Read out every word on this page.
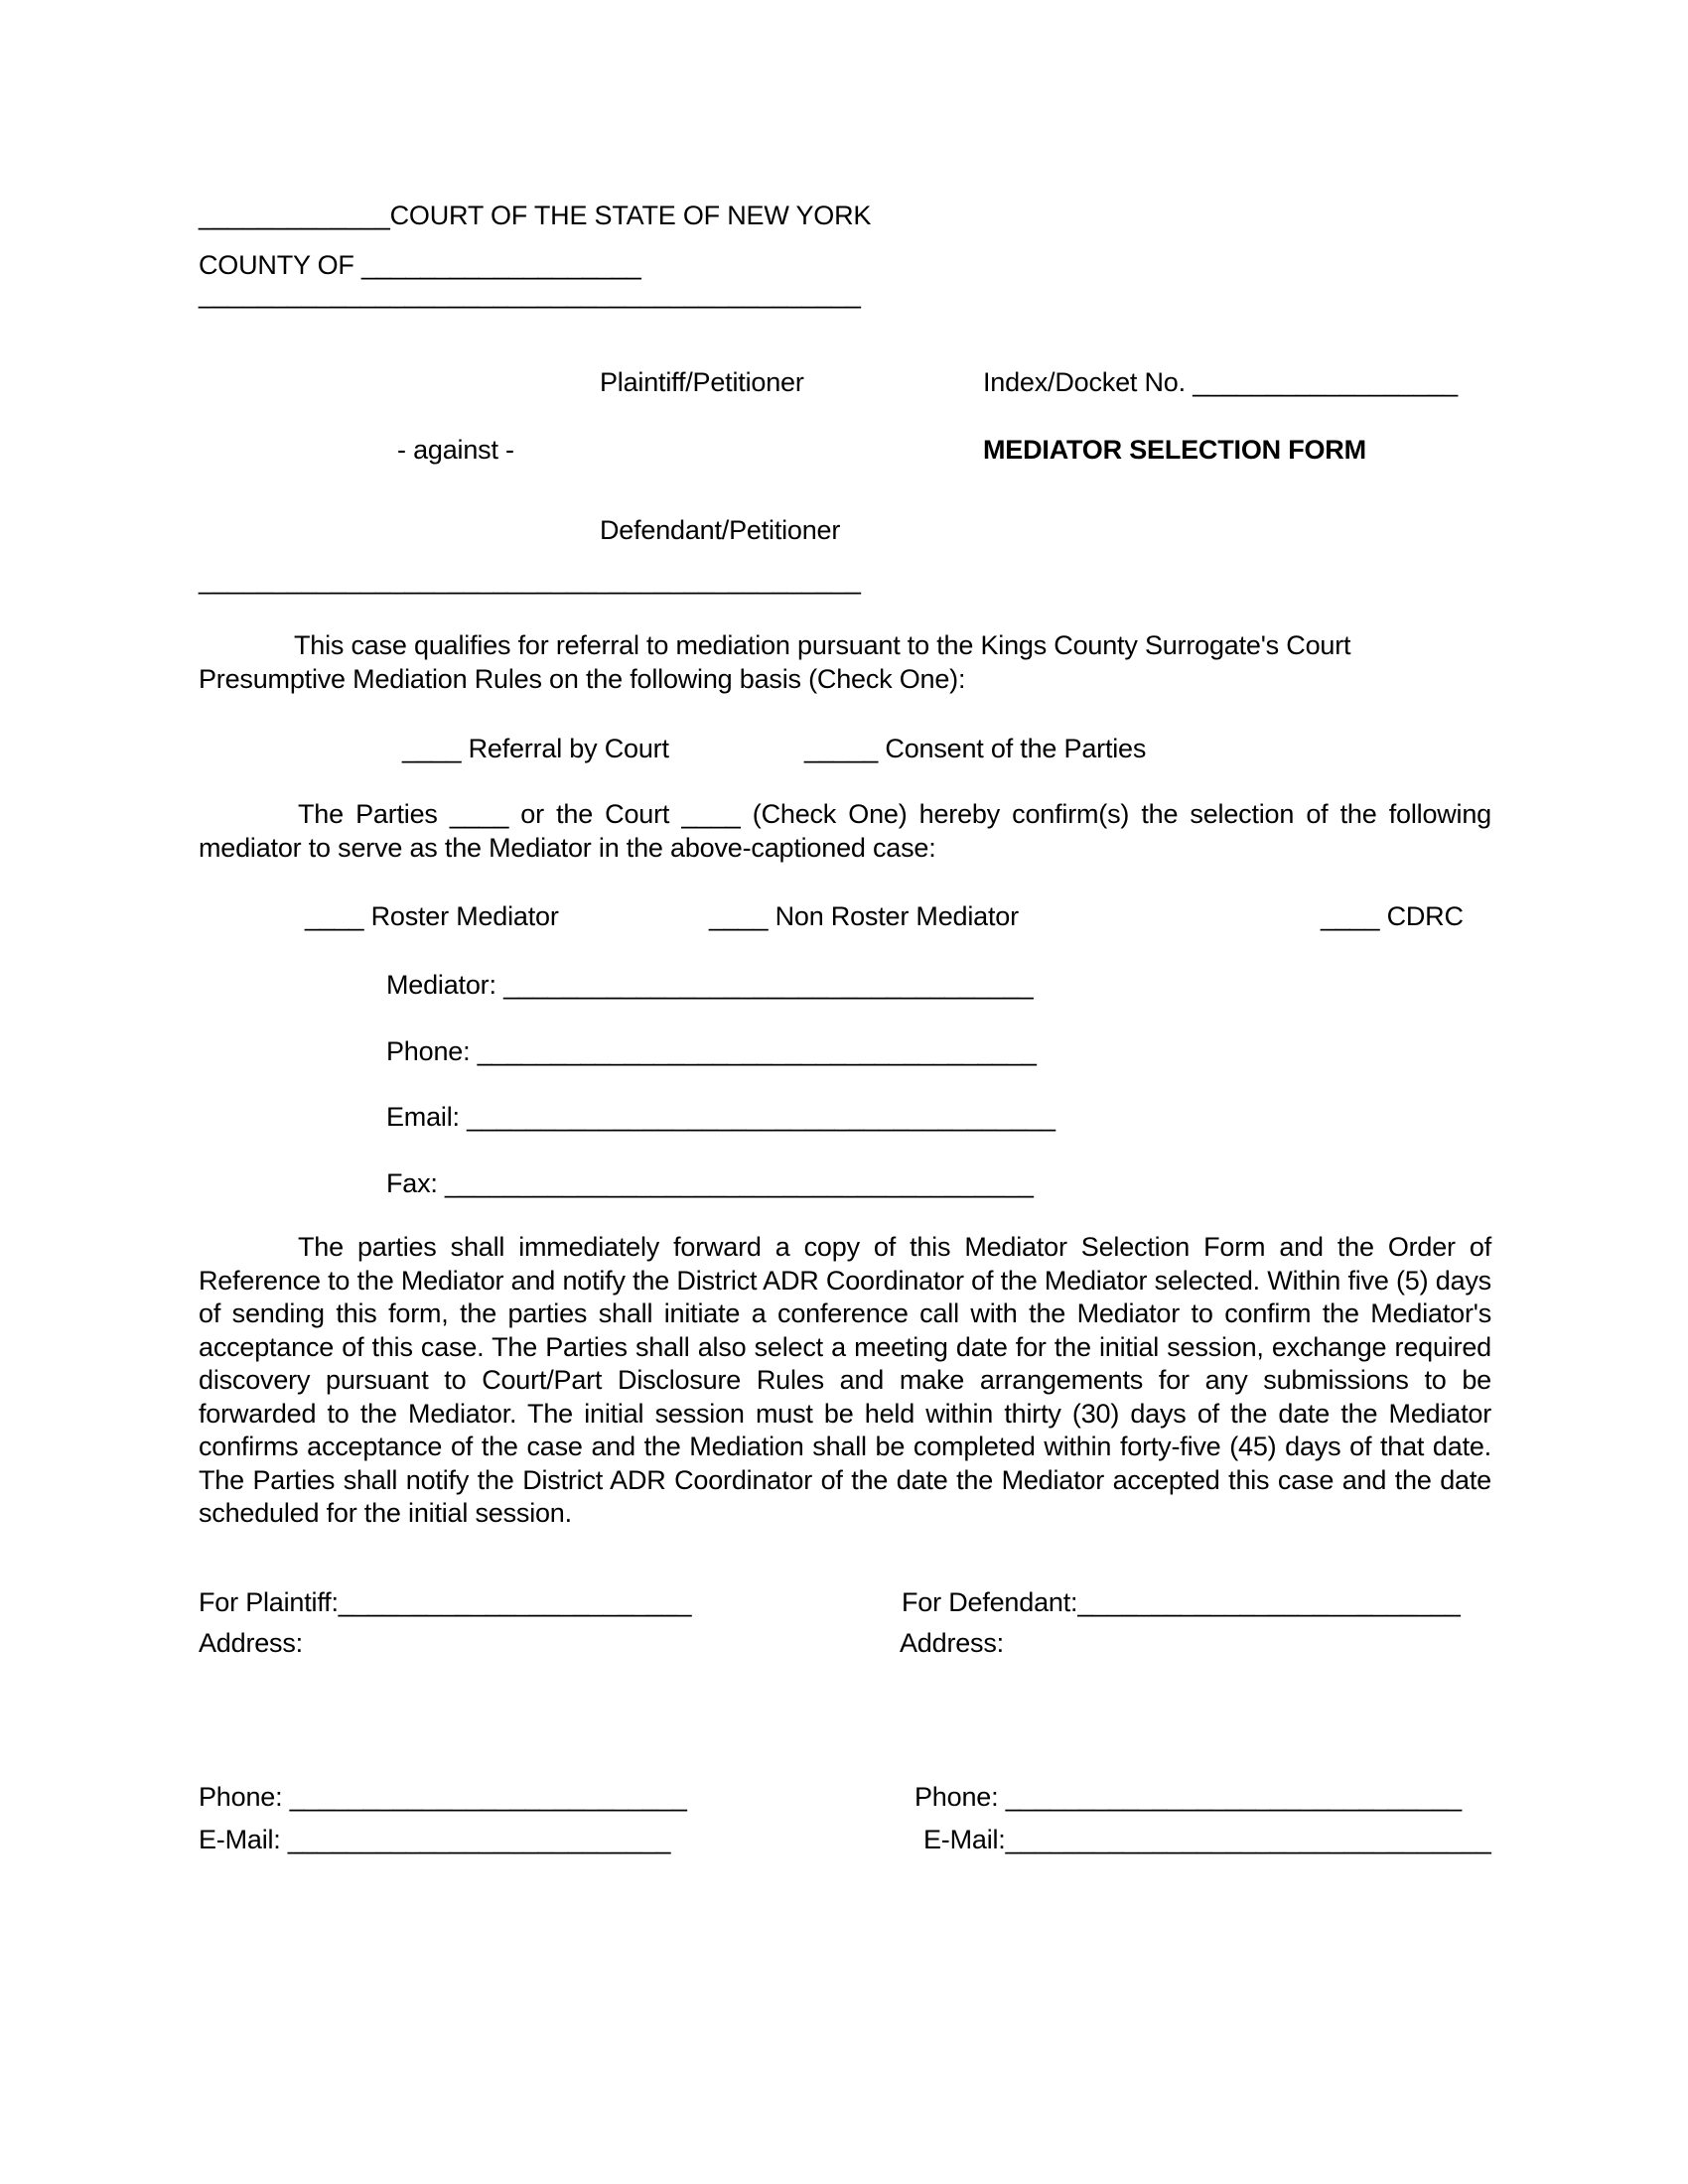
_____________COURT OF THE STATE OF NEW YORK
COUNTY OF ___________________
_____________________________________________
Plaintiff/Petitioner	Index/Docket No. __________________
- against -	MEDIATOR SELECTION FORM
Defendant/Petitioner
_____________________________________________
This case qualifies for referral to mediation pursuant to the Kings County Surrogate's Court Presumptive Mediation Rules on the following basis (Check One):
____ Referral by Court	_____ Consent of the Parties
The Parties ____ or the Court ____ (Check One) hereby confirm(s) the selection of the following mediator to serve as the Mediator in the above-captioned case:
____ Roster Mediator	____ Non Roster Mediator	____ CDRC
Mediator: ____________________________________
Phone: ______________________________________
Email: ________________________________________
Fax: ________________________________________
The parties shall immediately forward a copy of this Mediator Selection Form and the Order of Reference to the Mediator and notify the District ADR Coordinator of the Mediator selected. Within five (5) days of sending this form, the parties shall initiate a conference call with the Mediator to confirm the Mediator's acceptance of this case. The Parties shall also select a meeting date for the initial session, exchange required discovery pursuant to Court/Part Disclosure Rules and make arrangements for any submissions to be forwarded to the Mediator. The initial session must be held within thirty (30) days of the date the Mediator confirms acceptance of the case and the Mediation shall be completed within forty-five (45) days of that date. The Parties shall notify the District ADR Coordinator of the date the Mediator accepted this case and the date scheduled for the initial session.
For Plaintiff:________________________	For Defendant:__________________________
Address:	Address:
Phone: ___________________________	Phone: _______________________________
E-Mail: __________________________	E-Mail:_________________________________
